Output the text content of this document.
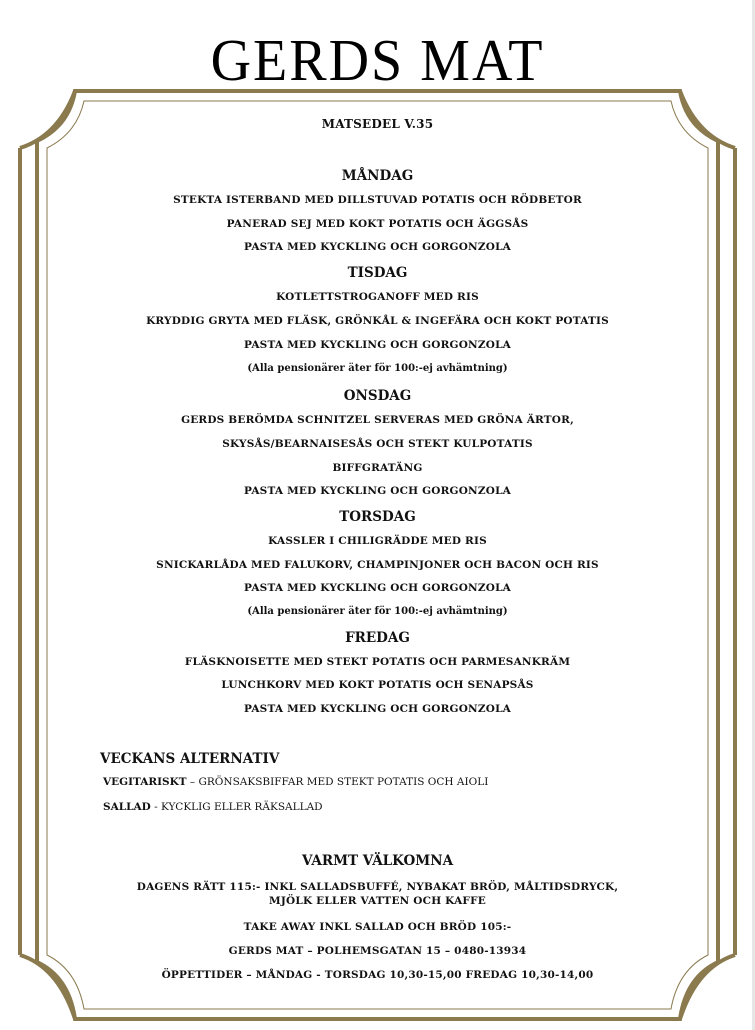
GERDS MAT
MATSEDEL V.35
MÅNDAG
STEKTA ISTERBAND MED DILLSTUVAD POTATIS OCH RÖDBETOR
PANERAD SEJ MED KOKT POTATIS OCH ÄGGSÅS
PASTA MED KYCKLING OCH GORGONZOLA
TISDAG
KOTLETTSTROGANOFF MED RIS
KRYDDIG GRYTA MED FLÄSK, GRÖNKÅL & INGEFÄRA OCH KOKT POTATIS
PASTA MED KYCKLING OCH GORGONZOLA
(Alla pensionärer äter för 100:-ej avhämtning)
ONSDAG
GERDS BERÖMDA SCHNITZEL SERVERAS MED GRÖNA ÄRTOR,
SKYSÅS/BEARNAISESÅS OCH STEKT KULPOTATIS
BIFFGRATÄNG
PASTA MED KYCKLING OCH GORGONZOLA
TORSDAG
KASSLER I CHILIGRÄDDE MED RIS
SNICKARLÅDA MED FALUKORV, CHAMPINJONER OCH BACON OCH RIS
PASTA MED KYCKLING OCH GORGONZOLA
(Alla pensionärer äter för 100:-ej avhämtning)
FREDAG
FLÄSKNOISETTE MED STEKT POTATIS OCH PARMESANKRÄM
LUNCHKORV MED KOKT POTATIS OCH SENAPSÅS
PASTA MED KYCKLING OCH GORGONZOLA
VECKANS ALTERNATIV
VEGITARISKT – GRÖNSAKSBIFFAR MED STEKT POTATIS OCH AIOLI
SALLAD - KYCKLIG ELLER RÄKSALLAD
VARMT VÄLKOMNA
DAGENS RÄTT 115:- INKL SALLADSBUFFÉ, NYBAKAT BRÖD, MÅLTIDSDRYCK,
MJÖLK ELLER VATTEN OCH KAFFE
TAKE AWAY INKL SALLAD OCH BRÖD 105:-
GERDS MAT – POLHEMSGATAN 15 – 0480-13934
ÖPPETTIDER – MÅNDAG - TORSDAG 10,30-15,00 FREDAG 10,30-14,00
